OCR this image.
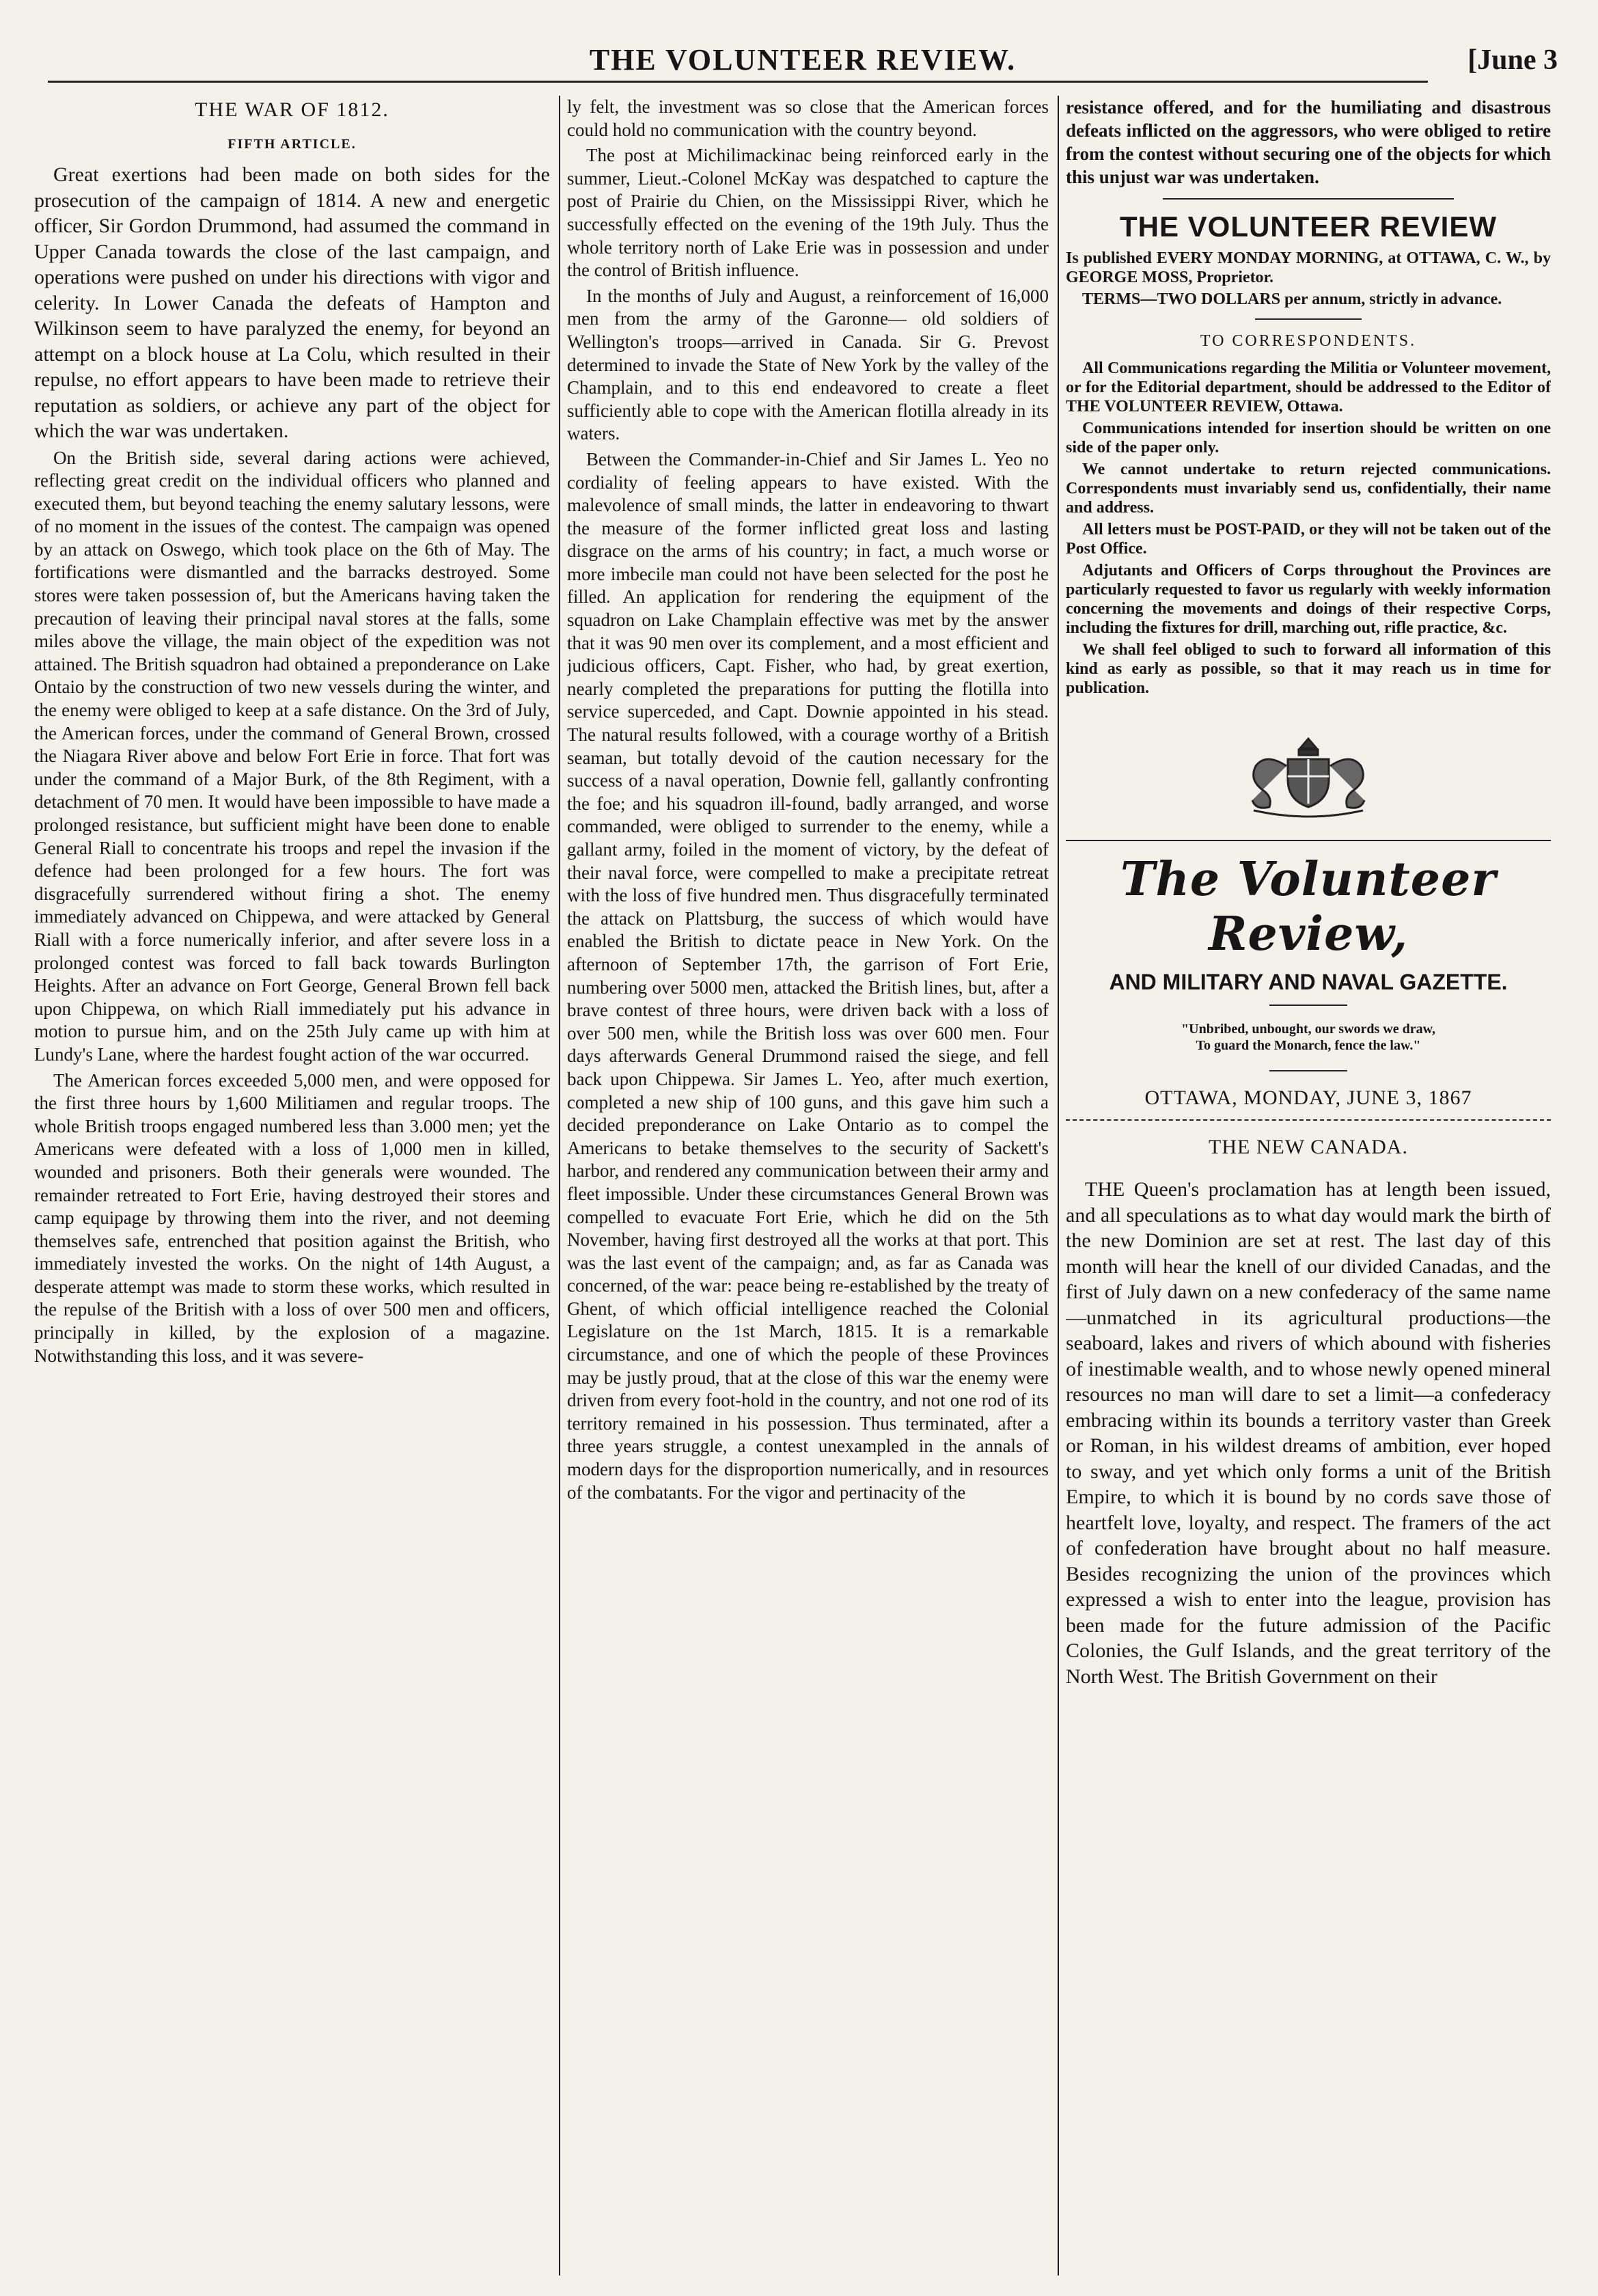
THE VOLUNTEER REVIEW.	[June 3
THE WAR OF 1812.
FIFTH ARTICLE.

Great exertions had been made on both sides for the prosecution of the campaign of 1814. A new and energetic officer, Sir Gordon Drummond, had assumed the command in Upper Canada towards the close of the last campaign, and operations were pushed on under his directions with vigor and celerity. In Lower Canada the defeats of Hampton and Wilkinson seem to have paralyzed the enemy, for beyond an attempt on a block house at La Colu, which resulted in their repulse, no effort appears to have been made to retrieve their reputation as soldiers, or achieve any part of the object for which the war was undertaken.

On the British side, several daring actions were achieved, reflecting great credit on the individual officers who planned and executed them, but beyond teaching the enemy salutary lessons, were of no moment in the issues of the contest. The campaign was opened by an attack on Oswego, which took place on the 6th of May. The fortifications were dismantled and the barracks destroyed. Some stores were taken possession of, but the Americans having taken the precaution of leaving their principal naval stores at the falls, some miles above the village, the main object of the expedition was not attained. The British squadron had obtained a preponderance on Lake Ontaio by the construction of two new vessels during the winter, and the enemy were obliged to keep at a safe distance. On the 3rd of July, the American forces, under the command of General Brown, crossed the Niagara River above and below Fort Erie in force. That fort was under the command of a Major Burk, of the 8th Regiment, with a detachment of 70 men. It would have been impossible to have made a prolonged resistance, but sufficient might have been done to enable General Riall to concentrate his troops and repel the invasion if the defence had been prolonged for a few hours. The fort was disgracefully surrendered without firing a shot. The enemy immediately advanced on Chippewa, and were attacked by General Riall with a force numerically inferior, and after severe loss in a prolonged contest was forced to fall back towards Burlington Heights. After an advance on Fort George, General Brown fell back upon Chippewa, on which Riall immediately put his advance in motion to pursue him, and on the 25th July came up with him at Lundy's Lane, where the hardest fought action of the war occurred.

The American forces exceeded 5,000 men, and were opposed for the first three hours by 1,600 Militiamen and regular troops. The whole British troops engaged numbered less than 3.000 men; yet the Americans were defeated with a loss of 1,000 men in killed, wounded and prisoners. Both their generals were wounded. The remainder retreated to Fort Erie, having destroyed their stores and camp equipage by throwing them into the river, and not deeming themselves safe, entrenched that position against the British, who immediately invested the works. On the night of 14th August, a desperate attempt was made to storm these works, which resulted in the repulse of the British with a loss of over 500 men and officers, principally in killed, by the explosion of a magazine. Notwithstanding this loss, and it was severe-

ly felt, the investment was so close that the American forces could hold no communication with the country beyond.

The post at Michilimackinac being reinforced early in the summer, Lieut.-Colonel McKay was despatched to capture the post of Prairie du Chien, on the Mississippi River, which he successfully effected on the evening of the 19th July. Thus the whole territory north of Lake Erie was in possession and under the control of British influence.

In the months of July and August, a reinforcement of 16,000 men from the army of the Garonne— old soldiers of Wellington's troops—arrived in Canada. Sir G. Prevost determined to invade the State of New York by the valley of the Champlain, and to this end endeavored to create a fleet sufficiently able to cope with the American flotilla already in its waters.

Between the Commander-in-Chief and Sir James L. Yeo no cordiality of feeling appears to have existed. With the malevolence of small minds, the latter in endeavoring to thwart the measure of the former inflicted great loss and lasting disgrace on the arms of his country; in fact, a much worse or more imbecile man could not have been selected for the post he filled. An application for rendering the equipment of the squadron on Lake Champlain effective was met by the answer that it was 90 men over its complement, and a most efficient and judicious officers, Capt. Fisher, who had, by great exertion, nearly completed the preparations for putting the flotilla into service superceded, and Capt. Downie appointed in his stead. The natural results followed, with a courage worthy of a British seaman, but totally devoid of the caution necessary for the success of a naval operation, Downie fell, gallantly confronting the foe; and his squadron ill-found, badly arranged, and worse commanded, were obliged to surrender to the enemy, while a gallant army, foiled in the moment of victory, by the defeat of their naval force, were compelled to make a precipitate retreat with the loss of five hundred men. Thus disgracefully terminated the attack on Plattsburg, the success of which would have enabled the British to dictate peace in New York. On the afternoon of September 17th, the garrison of Fort Erie, numbering over 5000 men, attacked the British lines, but, after a brave contest of three hours, were driven back with a loss of over 500 men, while the British loss was over 600 men. Four days afterwards General Drummond raised the siege, and fell back upon Chippewa. Sir James L. Yeo, after much exertion, completed a new ship of 100 guns, and this gave him such a decided preponderance on Lake Ontario as to compel the Americans to betake themselves to the security of Sackett's harbor, and rendered any communication between their army and fleet impossible. Under these circumstances General Brown was compelled to evacuate Fort Erie, which he did on the 5th November, having first destroyed all the works at that port. This was the last event of the campaign; and, as far as Canada was concerned, of the war: peace being re-established by the treaty of Ghent, of which official intelligence reached the Colonial Legislature on the 1st March, 1815. It is a remarkable circumstance, and one of which the people of these Provinces may be justly proud, that at the close of this war the enemy were driven from every foot-hold in the country, and not one rod of its territory remained in his possession. Thus terminated, after a three years struggle, a contest unexampled in the annals of modern days for the disproportion numerically, and in resources of the combatants. For the vigor and pertinacity of the

resistance offered, and for the humiliating and disastrous defeats inflicted on the aggressors, who were obliged to retire from the contest without securing one of the objects for which this unjust war was undertaken.

THE VOLUNTEER REVIEW

Is published EVERY MONDAY MORNING, at OTTAWA, C. W., by GEORGE MOSS, Proprietor.

TERMS—TWO DOLLARS per annum, strictly in advance.

TO CORRESPONDENTS.

All Communications regarding the Militia or Volunteer movement, or for the Editorial department, should be addressed to the Editor of THE VOLUNTEER REVIEW, Ottawa.

Communications intended for insertion should be written on one side of the paper only.

We cannot undertake to return rejected communications. Correspondents must invariably send us, confidentially, their name and address.

All letters must be POST-PAID, or they will not be taken out of the Post Office.

Adjutants and Officers of Corps throughout the Provinces are particularly requested to favor us regularly with weekly information concerning the movements and doings of their respective Corps, including the fixtures for drill, marching out, rifle practice, &c.

We shall feel obliged to such to forward all information of this kind as early as possible, so that it may reach us in time for publication.

The Volunteer Review,
AND MILITARY AND NAVAL GAZETTE.
"Unbribed, unbought, our swords we draw,
To guard the Monarch, fence the law."
OTTAWA, MONDAY, JUNE 3, 1867
THE NEW CANADA.

THE Queen's proclamation has at length been issued, and all speculations as to what day would mark the birth of the new Dominion are set at rest. The last day of this month will hear the knell of our divided Canadas, and the first of July dawn on a new confederacy of the same name—unmatched in its agricultural productions—the seaboard, lakes and rivers of which abound with fisheries of inestimable wealth, and to whose newly opened mineral resources no man will dare to set a limit—a confederacy embracing within its bounds a territory vaster than Greek or Roman, in his wildest dreams of ambition, ever hoped to sway, and yet which only forms a unit of the British Empire, to which it is bound by no cords save those of heartfelt love, loyalty, and respect. The framers of the act of confederation have brought about no half measure. Besides recognizing the union of the provinces which expressed a wish to enter into the league, provision has been made for the future admission of the Pacific Colonies, the Gulf Islands, and the great territory of the North West. The British Government on their
